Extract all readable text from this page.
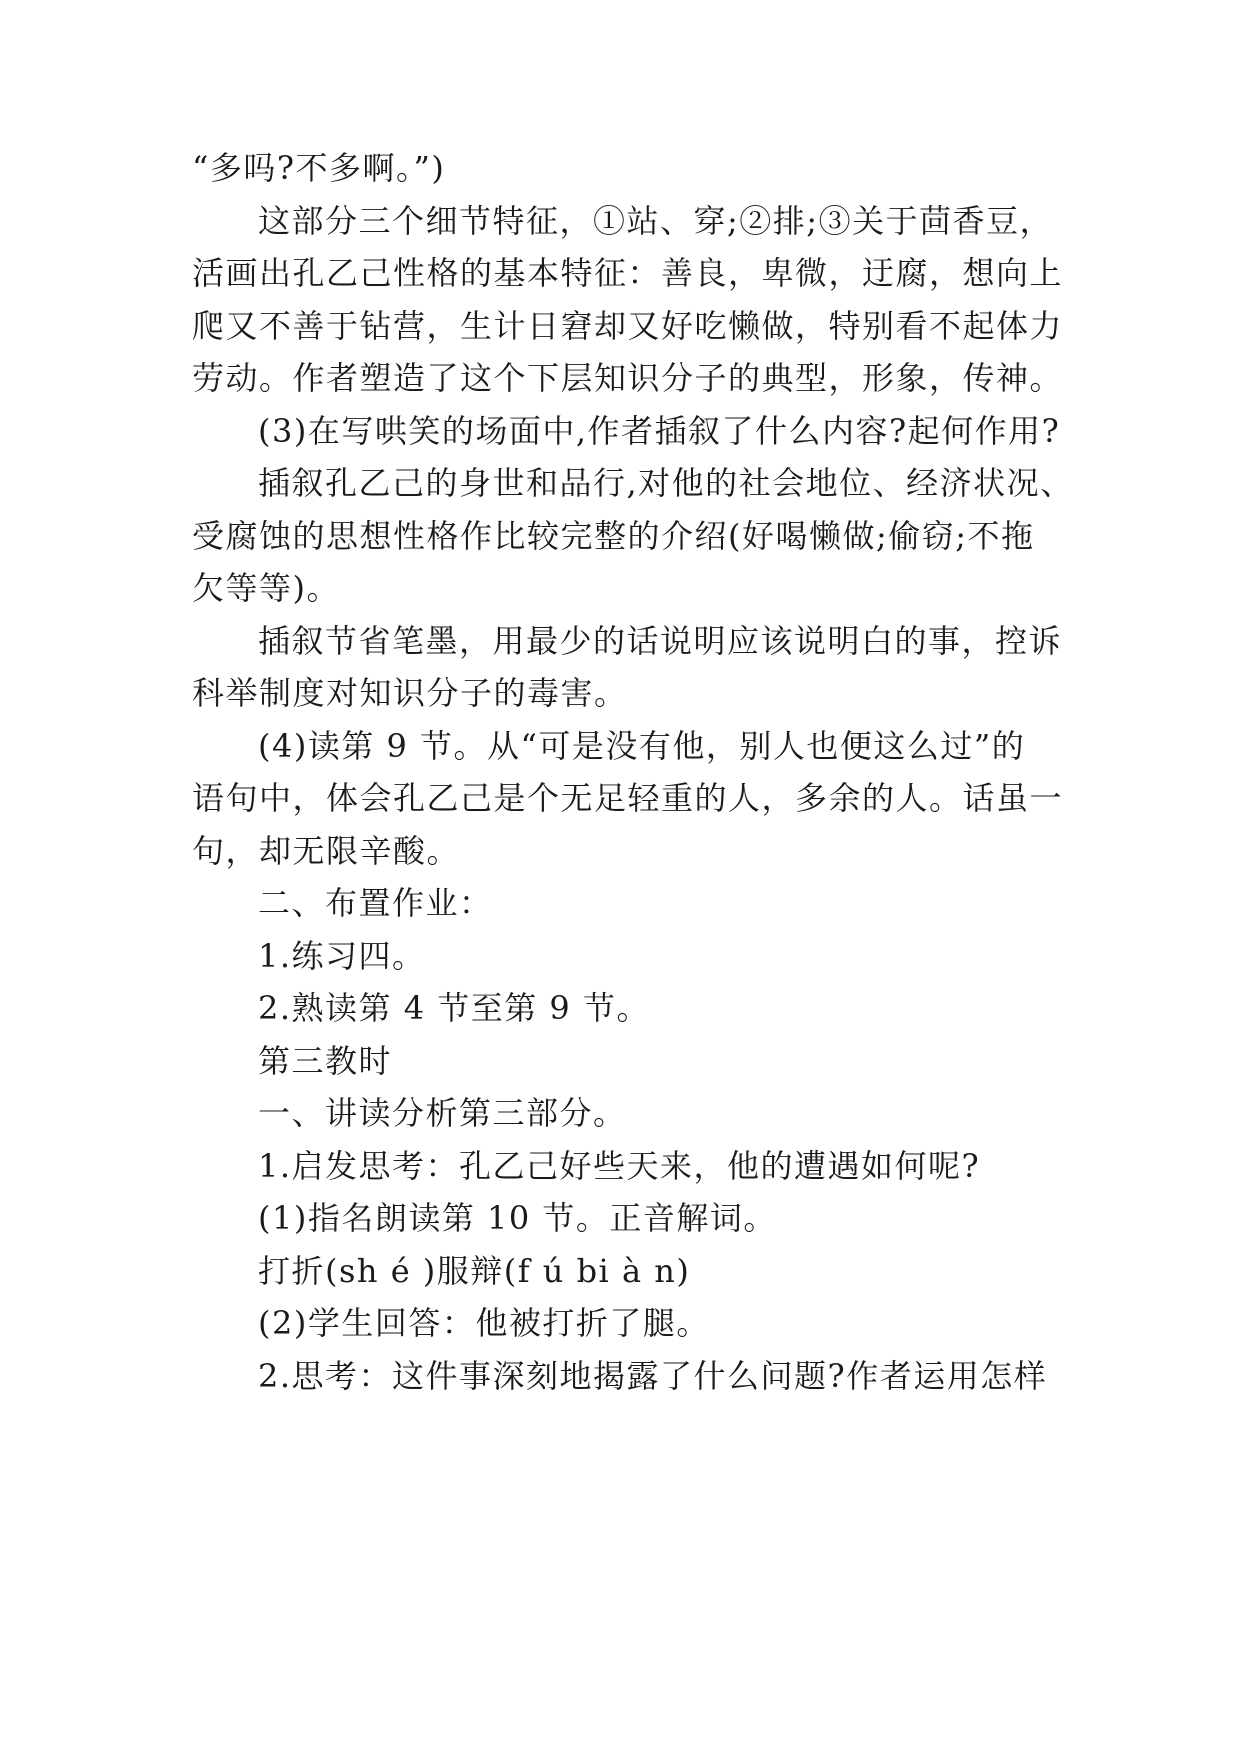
“多吗?不多啊。”)
这部分三个细节特征，①站、穿;②排;③关于茴香豆，
活画出孔乙己性格的基本特征：善良，卑微，迂腐，想向上
爬又不善于钻营，生计日窘却又好吃懒做，特别看不起体力
劳动。作者塑造了这个下层知识分子的典型，形象，传神。
(3)在写哄笑的场面中,作者插叙了什么内容?起何作用?
插叙孔乙己的身世和品行,对他的社会地位、经济状况、
受腐蚀的思想性格作比较完整的介绍(好喝懒做;偷窃;不拖
欠等等)。
插叙节省笔墨，用最少的话说明应该说明白的事，控诉
科举制度对知识分子的毒害。
(4)读第 9 节。从“可是没有他，别人也便这么过”的
语句中，体会孔乙己是个无足轻重的人，多余的人。话虽一
句，却无限辛酸。
二、布置作业：
1.练习四。
2.熟读第 4 节至第 9 节。
第三教时
一、讲读分析第三部分。
1.启发思考：孔乙己好些天来，他的遭遇如何呢?
(1)指名朗读第 10 节。正音解词。
打折(sh é )服辩(f ú bi à n)
(2)学生回答：他被打折了腿。
2.思考：这件事深刻地揭露了什么问题?作者运用怎样
